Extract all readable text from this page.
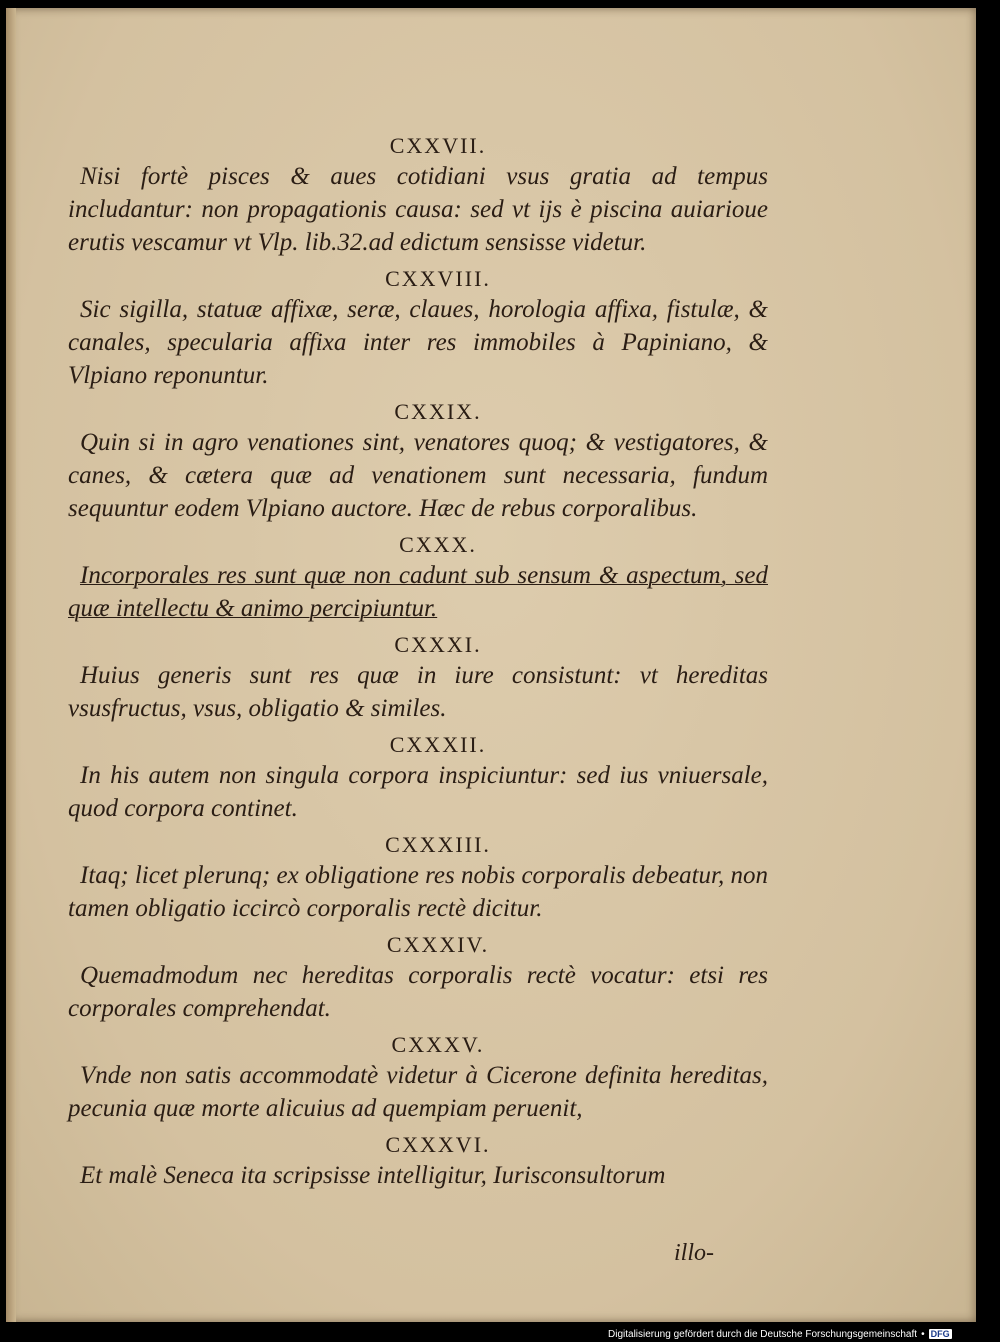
CXXVII.

Nisi fortè pisces & aues cotidiani vsus gratia ad tempus includantur: non propagationis causa: sed vt ijs è piscina auiarioue erutis vescamur vt Vlp. lib.32.ad edictum sensisse videtur.

CXXVIII.

Sic sigilla, statuæ affixæ, seræ, claues, horologia affixa, fistulæ, & canales, specularia affixa inter res immobiles à Papiniano, & Vlpiano reponuntur.

CXXIX.

Quin si in agro venationes sint, venatores quoq; & vestigatores, & canes, & cætera quæ ad venationem sunt necessaria, fundum sequuntur eodem Vlpiano auctore. Hæc de rebus corporalibus.

CXXX.

Incorporales res sunt quæ non cadunt sub sensum & aspectum, sed quæ intellectu & animo percipiuntur.

CXXXI.

Huius generis sunt res quæ in iure consistunt: vt hereditas vsusfructus, vsus, obligatio & similes.

CXXXII.

In his autem non singula corpora inspiciuntur: sed ius vniuersale, quod corpora continet.

CXXXIII.

Itaq; licet plerunq; ex obligatione res nobis corporalis debeatur, non tamen obligatio iccircò corporalis rectè dicitur.

CXXXIV.

Quemadmodum nec hereditas corporalis rectè vocatur: etsi res corporales comprehendat.

CXXXV.

Vnde non satis accommodatè videtur à Cicerone definita hereditas, pecunia quæ morte alicuius ad quempiam peruenit,

CXXXVI.

Et malè Seneca ita scripsisse intelligitur, Iurisconsultorum

illo-
Digitalisierung gefördert durch die Deutsche Forschungsgemeinschaft • DFG
